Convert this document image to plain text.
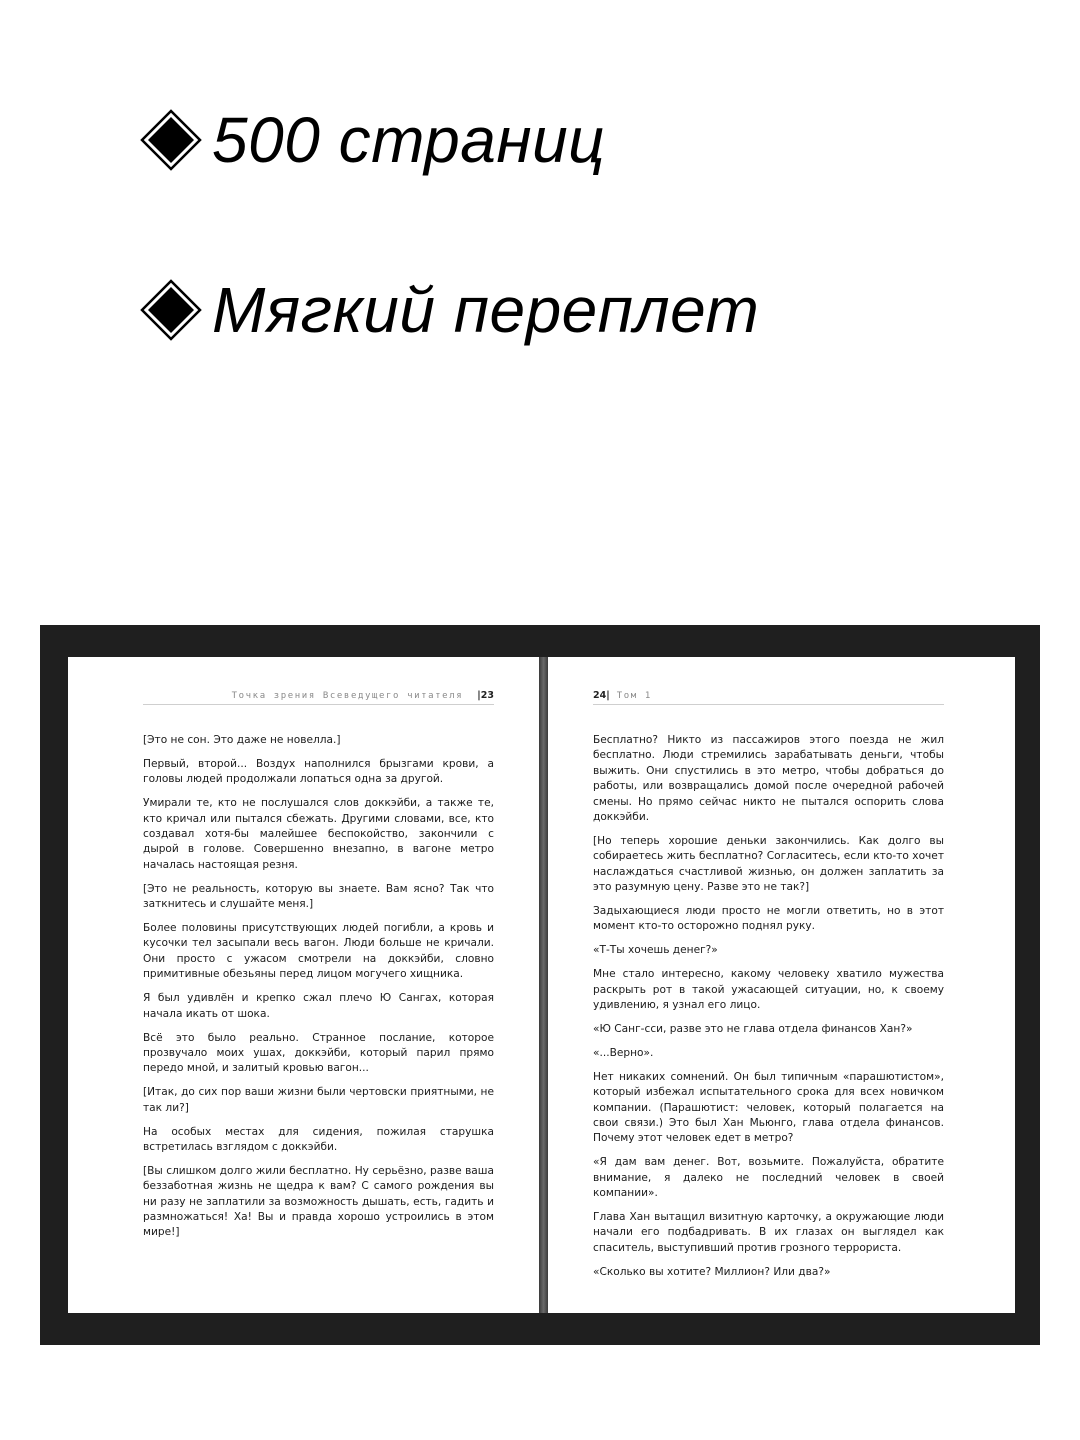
500 страниц
Мягкий переплет
Точка зрения Всеведущего читателя |23

[Это не сон. Это даже не новелла.]

Первый, второй... Воздух наполнился брызгами крови, а головы людей продолжали лопаться одна за другой.

Умирали те, кто не послушался слов доккэйби, а также те, кто кричал или пытался сбежать. Другими словами, все, кто создавал хотя-бы малейшее беспокойство, закончили с дырой в голове. Совершенно внезапно, в вагоне метро началась настоящая резня.

[Это не реальность, которую вы знаете. Вам ясно? Так что заткнитесь и слушайте меня.]

Более половины присутствующих людей погибли, а кровь и кусочки тел засыпали весь вагон. Люди больше не кричали. Они просто с ужасом смотрели на доккэйби, словно примитивные обезьяны перед лицом могучего хищника.

Я был удивлён и крепко сжал плечо Ю Сангах, которая начала икать от шока.

Всё это было реально. Странное послание, которое прозвучало моих ушах, доккэйби, который парил прямо передо мной, и залитый кровью вагон...

[Итак, до сих пор ваши жизни были чертовски приятными, не так ли?]

На особых местах для сидения, пожилая старушка встретилась взглядом с доккэйби.

[Вы слишком долго жили бесплатно. Ну серьёзно, разве ваша беззаботная жизнь не щедра к вам? С самого рождения вы ни разу не заплатили за возможность дышать, есть, гадить и размножаться! Ха! Вы и правда хорошо устроились в этом мире!]

24| Том 1

Бесплатно? Никто из пассажиров этого поезда не жил бесплатно. Люди стремились зарабатывать деньги, чтобы выжить. Они спустились в это метро, чтобы добраться до работы, или возвращались домой после очередной рабочей смены. Но прямо сейчас никто не пытался оспорить слова доккэйби.

[Но теперь хорошие деньки закончились. Как долго вы собираетесь жить бесплатно? Согласитесь, если кто-то хочет наслаждаться счастливой жизнью, он должен заплатить за это разумную цену. Разве это не так?]

Задыхающиеся люди просто не могли ответить, но в этот момент кто-то осторожно поднял руку.

«Т-Ты хочешь денег?»

Мне стало интересно, какому человеку хватило мужества раскрыть рот в такой ужасающей ситуации, но, к своему удивлению, я узнал его лицо.

«Ю Санг-сси, разве это не глава отдела финансов Хан?»

«...Верно».

Нет никаких сомнений. Он был типичным «парашютистом», который избежал испытательного срока для всех новичком компании. (Парашютист: человек, который полагается на свои связи.) Это был Хан Мьюнго, глава отдела финансов. Почему этот человек едет в метро?

«Я дам вам денег. Вот, возьмите. Пожалуйста, обратите внимание, я далеко не последний человек в своей компании».

Глава Хан вытащил визитную карточку, а окружающие люди начали его подбадривать. В их глазах он выглядел как спаситель, выступивший против грозного террориста.

«Сколько вы хотите? Миллион? Или два?»
